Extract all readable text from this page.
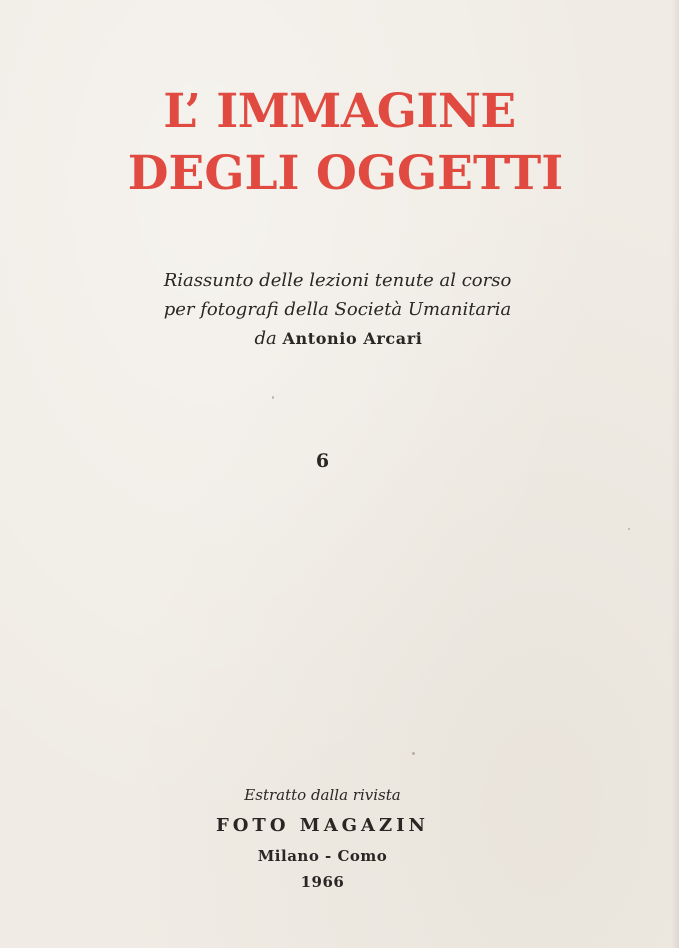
L’ IMMAGINE
DEGLI OGGETTI
Riassunto delle lezioni tenute al corso
per fotografi della Società Umanitaria
da Antonio Arcari
6
Estratto dalla rivista
FOTO MAGAZIN
Milano - Como
1966
